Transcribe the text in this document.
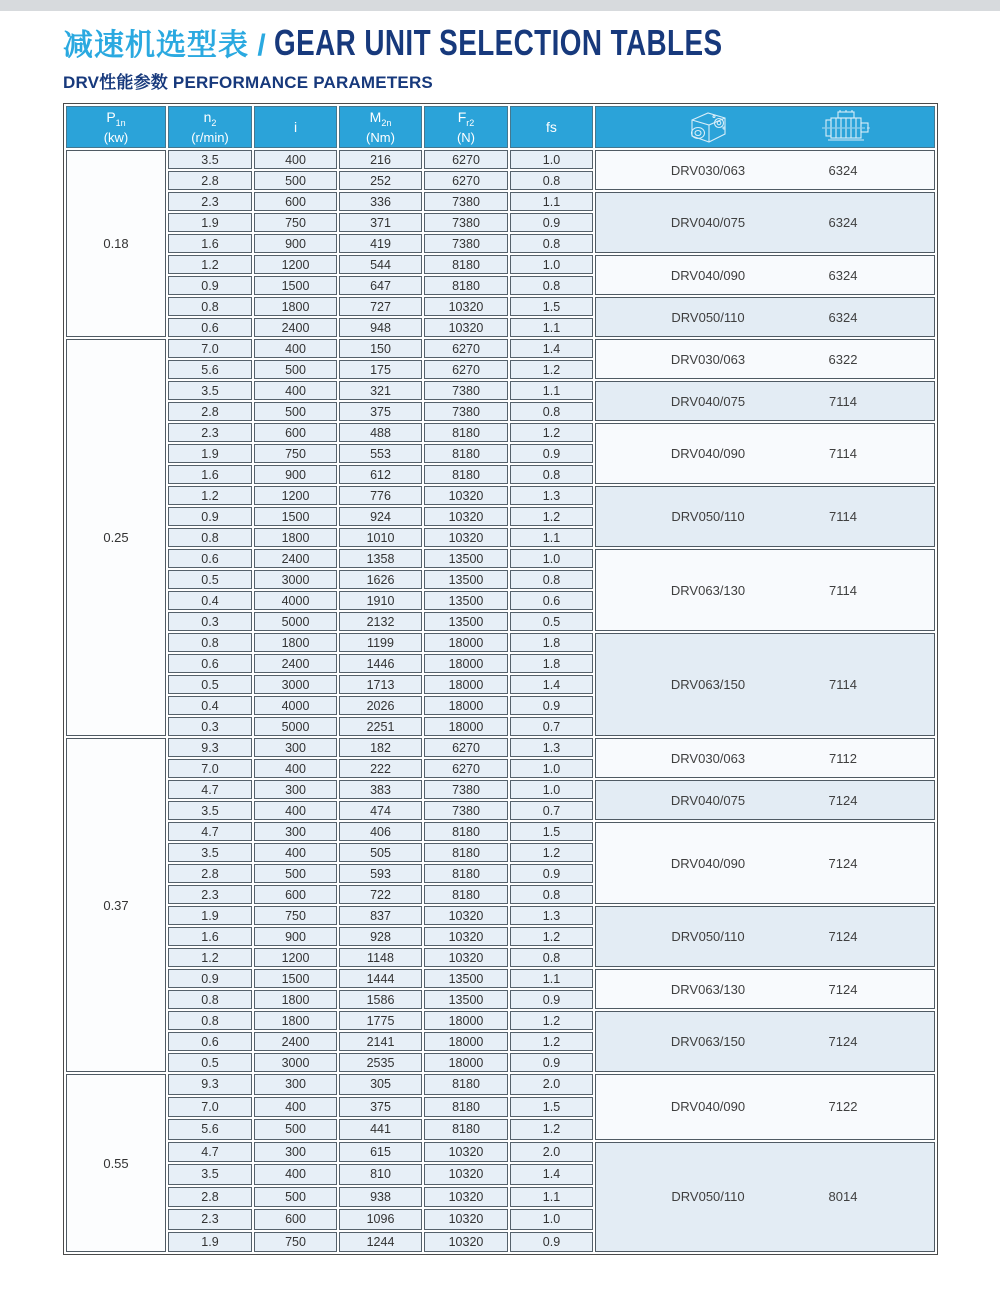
减速机选型表 / GEAR UNIT SELECTION TABLES
DRV性能参数 PERFORMANCE PARAMETERS
$P_{1n}$
(kw)

$n_2$
(r/min)

i

$M_{2n}$
(Nm)

$F_{r2}$
(N)

fs

0.18	3.5	400	216	6270	1.0	DRV030/063 6324

	2.8	500	252	6270	0.8	
	2.3	600	336	7380	1.1	DRV040/075 6324

	1.9	750	371	7380	0.9	
	1.6	900	419	7380	0.8	
	1.2	1200	544	8180	1.0	DRV040/090 6324

	0.9	1500	647	8180	0.8	
	0.8	1800	727	10320	1.5	DRV050/110 6324

	0.6	2400	948	10320	1.1	
0.25	7.0	400	150	6270	1.4	DRV030/063 6322

	5.6	500	175	6270	1.2	
	3.5	400	321	7380	1.1	DRV040/075 7114

	2.8	500	375	7380	0.8	
	2.3	600	488	8180	1.2	DRV040/090 7114

	1.9	750	553	8180	0.9	
	1.6	900	612	8180	0.8	
	1.2	1200	776	10320	1.3	DRV050/110 7114

	0.9	1500	924	10320	1.2	
	0.8	1800	1010	10320	1.1	
	0.6	2400	1358	13500	1.0	DRV063/130 7114

	0.5	3000	1626	13500	0.8	
	0.4	4000	1910	13500	0.6	
	0.3	5000	2132	13500	0.5	
	0.8	1800	1199	18000	1.8	DRV063/150 7114

	0.6	2400	1446	18000	1.8	
	0.5	3000	1713	18000	1.4	
	0.4	4000	2026	18000	0.9	
	0.3	5000	2251	18000	0.7	
0.37	9.3	300	182	6270	1.3	DRV030/063 7112

	7.0	400	222	6270	1.0	
	4.7	300	383	7380	1.0	DRV040/075 7124

	3.5	400	474	7380	0.7	
	4.7	300	406	8180	1.5	DRV040/090 7124

	3.5	400	505	8180	1.2	
	2.8	500	593	8180	0.9	
	2.3	600	722	8180	0.8	
	1.9	750	837	10320	1.3	DRV050/110 7124

	1.6	900	928	10320	1.2	
	1.2	1200	1148	10320	0.8	
	0.9	1500	1444	13500	1.1	DRV063/130 7124

	0.8	1800	1586	13500	0.9	
	0.8	1800	1775	18000	1.2	DRV063/150 7124

	0.6	2400	2141	18000	1.2	
	0.5	3000	2535	18000	0.9	
0.55	9.3	300	305	8180	2.0	DRV040/090 7122

	7.0	400	375	8180	1.5	
	5.6	500	441	8180	1.2	
	4.7	300	615	10320	2.0	DRV050/110 8014

	3.5	400	810	10320	1.4	
	2.8	500	938	10320	1.1	
	2.3	600	1096	10320	1.0	
	1.9	750	1244	10320	0.9	
